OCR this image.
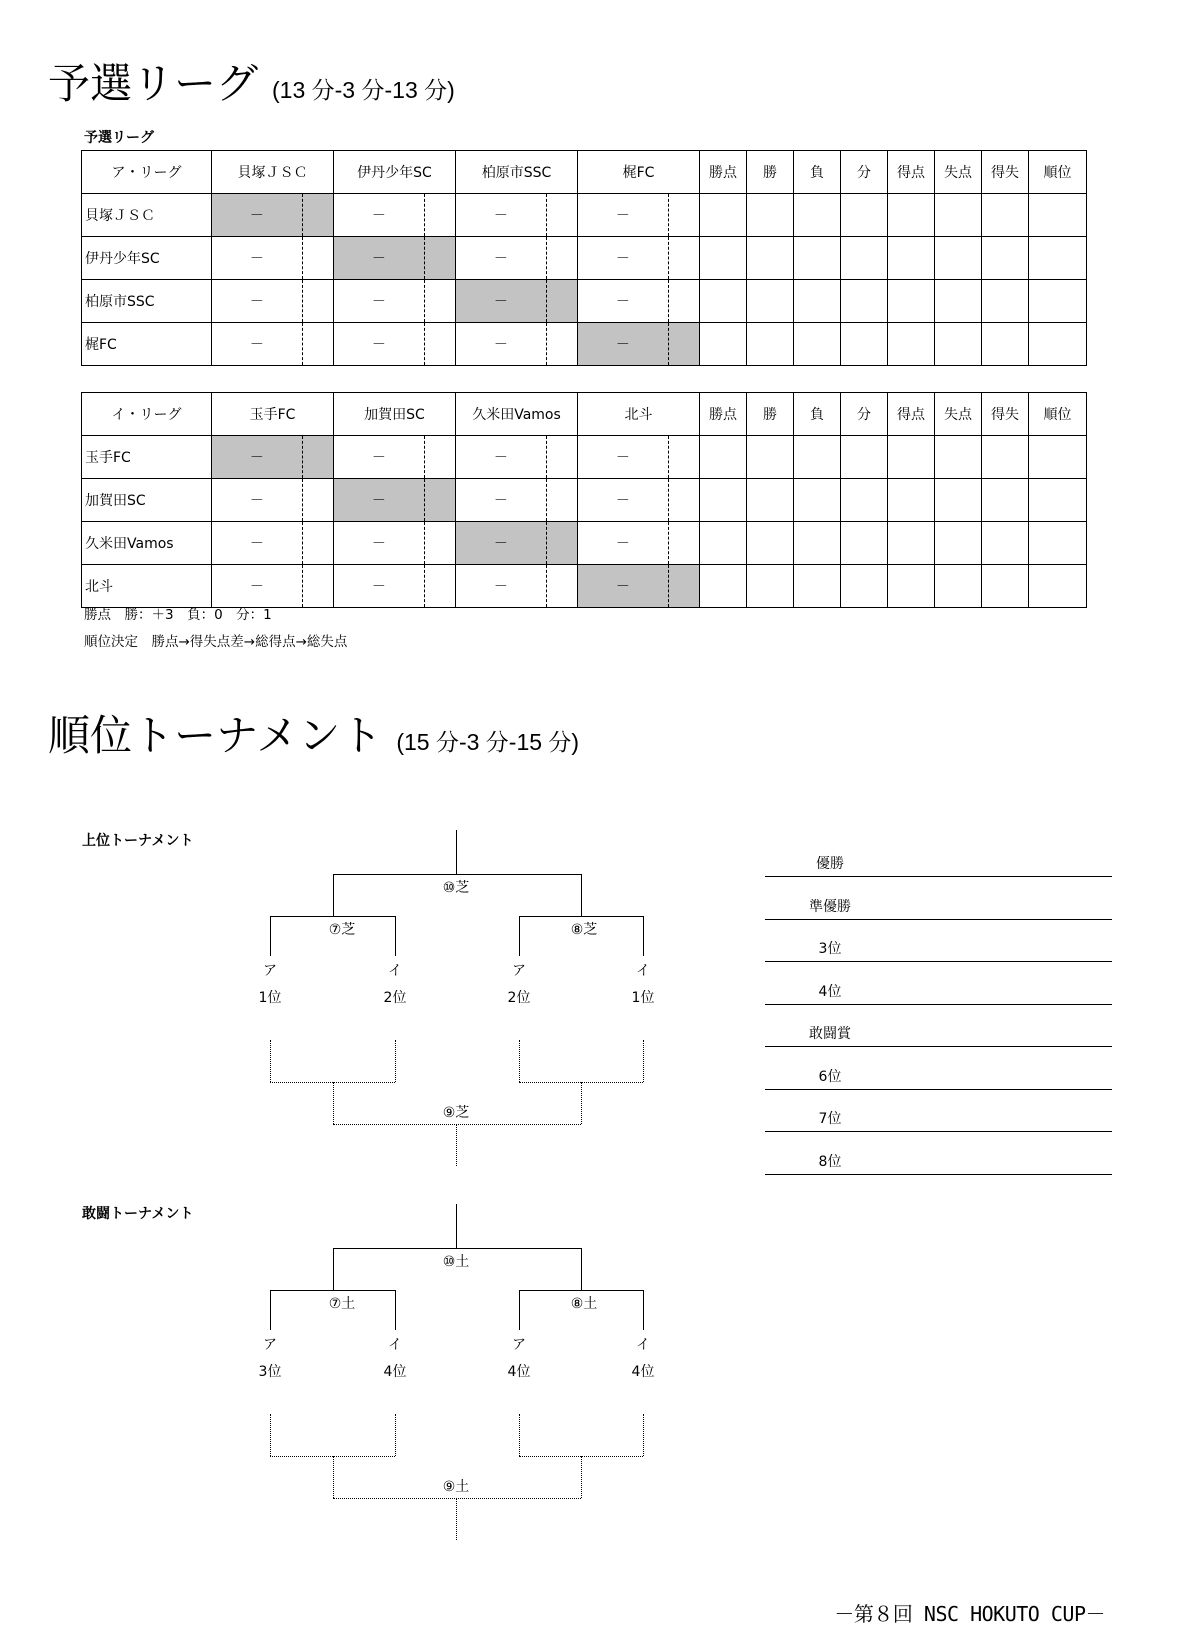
予選リーグ (13 分-3 分-13 分)
予選リーグ
ア・リーグ	貝塚ＪＳＣ	伊丹少年SC	柏原市SSC	梶FC	勝点	勝	負	分	得点	失点	得失	順位
貝塚ＪＳＣ	－	－	－	－								

伊丹少年SC	－	－	－	－								

柏原市SSC	－	－	－	－								

梶FC	－	－	－	－								

イ・リーグ	玉手FC	加賀田SC	久米田Vamos	北斗	勝点	勝	負	分	得点	失点	得失	順位
玉手FC	－	－	－	－								

加賀田SC	－	－	－	－								

久米田Vamos	－	－	－	－								

北斗	－	－	－	－								

勝点　勝：＋3　負：0　分：1
順位決定　勝点→得失点差→総得点→総失点
順位トーナメント (15 分-3 分-15 分)
上位トーナメント
⑩芝
⑦芝	⑧芝
⑨芝
ア
1位
イ
2位
ア
2位
イ
1位
敢闘トーナメント
⑩土
⑦土	⑧土
⑨土
ア
3位
イ
4位
ア
4位
イ
4位
優勝
準優勝
3位
4位
敢闘賞
6位
7位
8位
－第８回 NSC HOKUTO CUP－
